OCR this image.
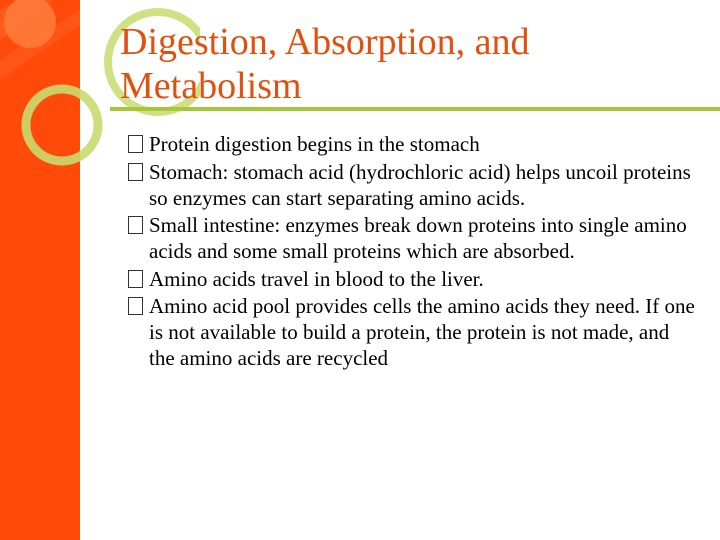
Digestion, Absorption, and Metabolism
Protein digestion begins in the stomach
Stomach: stomach acid (hydrochloric acid) helps uncoil proteins so enzymes can start separating amino acids.
Small intestine: enzymes break down proteins into single amino acids and some small proteins which are absorbed.
Amino acids travel in blood to the liver.
Amino acid pool provides cells the amino acids they need. If one is not available to build a protein, the protein is not made, and the amino acids are recycled
